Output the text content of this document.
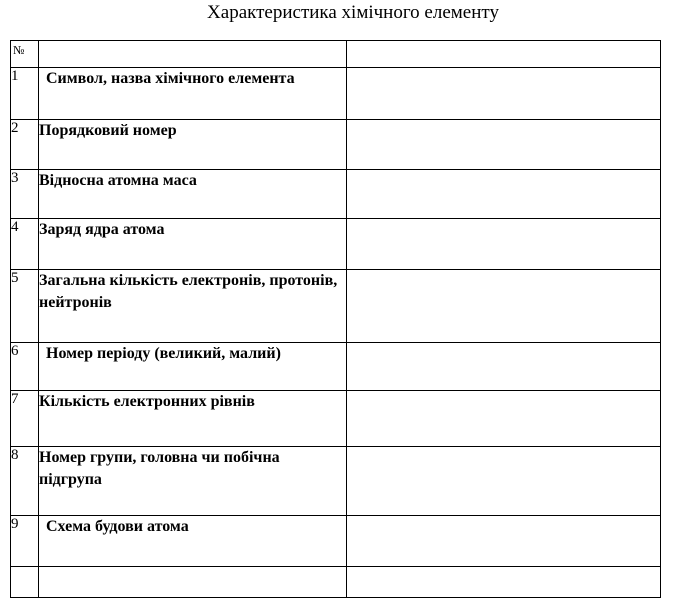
Характеристика хімічного елементу
№		
1	Символ, назва хімічного елемента	
2	Порядковий номер	
3	Відносна атомна маса	
4	Заряд ядра атома	
5	Загальна кількість електронів, протонів, нейтронів	
6	Номер періоду (великий, малий)	
7	Кількість електронних рівнів	
8	Номер групи, головна чи побічна підгрупа	
9	Схема будови атома	
